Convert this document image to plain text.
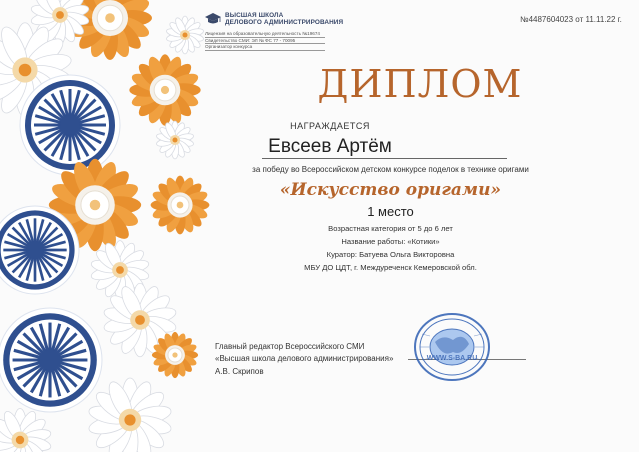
ВЫСШАЯ ШКОЛА
ДЕЛОВОГО АДМИНИСТРИРОВАНИЯ
Лицензия на образовательную деятельность №19674
Свидетельство СМИ: ЭЛ № ФС 77 - 70095
Организатор конкурса
№4487604023 от 11.11.22 г.
ДИПЛОМ
НАГРАЖДАЕТСЯ
Евсеев Артём
за победу во Всероссийском детском конкурсе поделок в технике оригами
«Искусство оригами»
1 место
Возрастная категория от 5 до 6 лет
Название работы: «Котики»
Куратор: Батуева Ольга Викторовна
МБУ ДО ЦДТ, г. Междуреченск Кемеровской обл.
Главный редактор Всероссийского СМИ
«Высшая школа делового администрирования»
А.В. Скрипов
WWW.S-BA.RU
